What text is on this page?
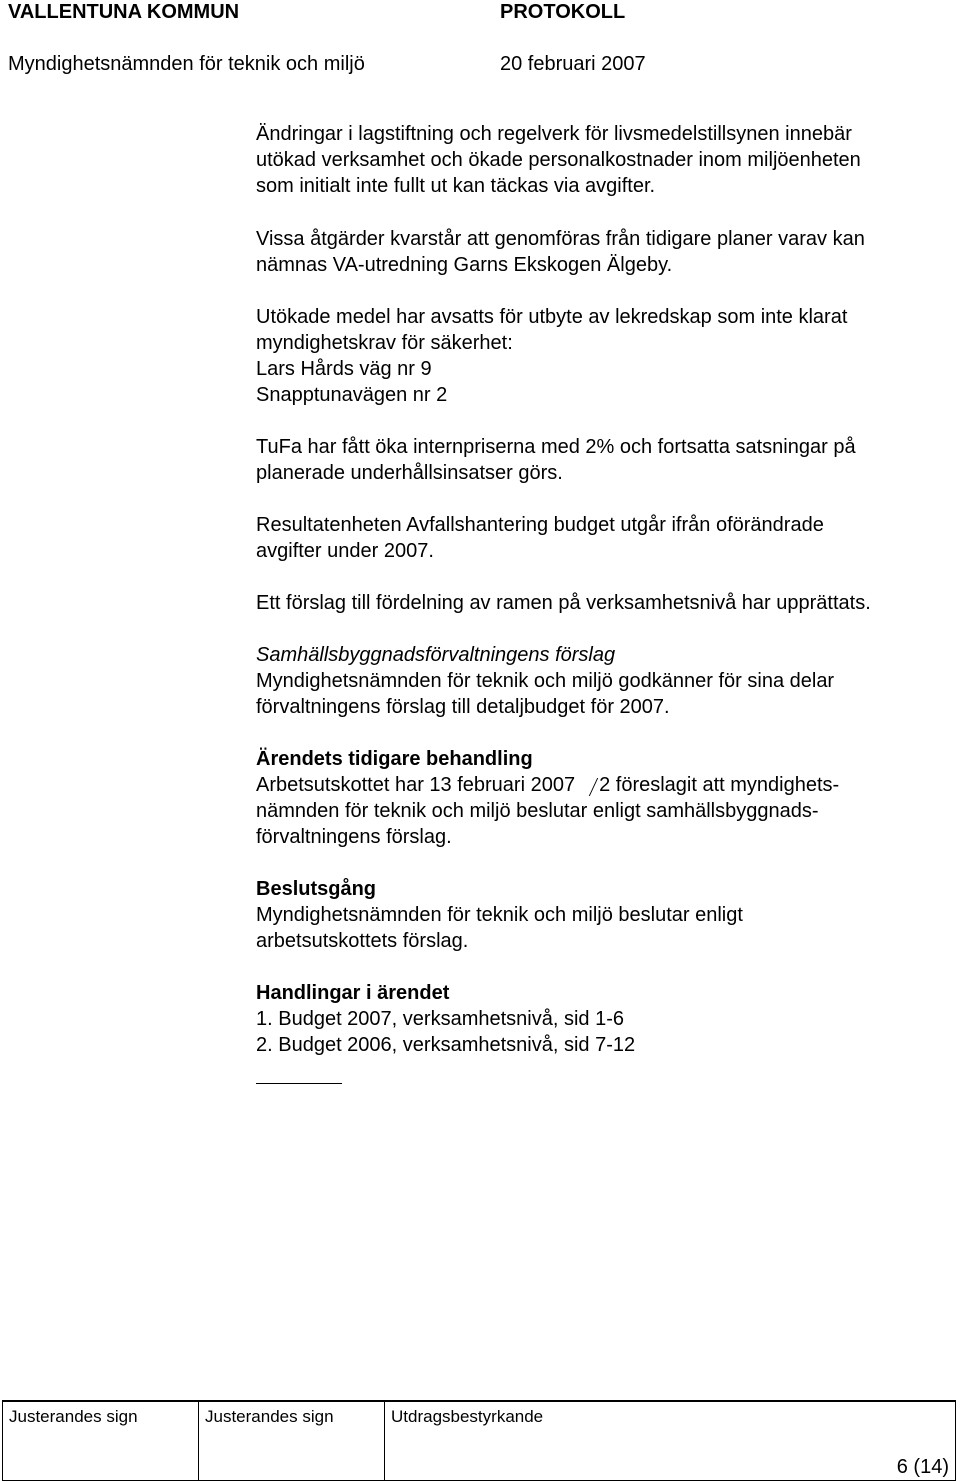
VALLENTUNA KOMMUN	PROTOKOLL
Myndighetsnämnden för teknik och miljö	20 februari 2007
Ändringar i lagstiftning och regelverk för livsmedelstillsynen innebär
utökad verksamhet och ökade personalkostnader inom miljöenheten
som initialt inte fullt ut kan täckas via avgifter.
Vissa åtgärder kvarstår att genomföras från tidigare planer varav kan
nämnas VA-utredning Garns Ekskogen Älgeby.
Utökade medel har avsatts för utbyte av lekredskap som inte klarat
myndighetskrav för säkerhet:
Lars Hårds väg nr 9
Snapptunavägen nr 2
TuFa har fått öka internpriserna med 2% och fortsatta satsningar på
planerade underhållsinsatser görs.
Resultatenheten Avfallshantering budget utgår ifrån oförändrade
avgifter under 2007.
Ett förslag till fördelning av ramen på verksamhetsnivå har upprättats.
Samhällsbyggnadsförvaltningens förslag
Myndighetsnämnden för teknik och miljö godkänner för sina delar
förvaltningens förslag till detaljbudget för 2007.
Ärendets tidigare behandling
Arbetsutskottet har 13 februari 2007 2 föreslagit att myndighets-
nämnden för teknik och miljö beslutar enligt samhällsbyggnads-
förvaltningens förslag.
Beslutsgång
Myndighetsnämnden för teknik och miljö beslutar enligt
arbetsutskottets förslag.
Handlingar i ärendet
1. Budget 2007, verksamhetsnivå, sid 1-6
2. Budget 2006, verksamhetsnivå, sid 7-12
Justerandes sign	Justerandes sign	Utdragsbestyrkande
6 (14)
